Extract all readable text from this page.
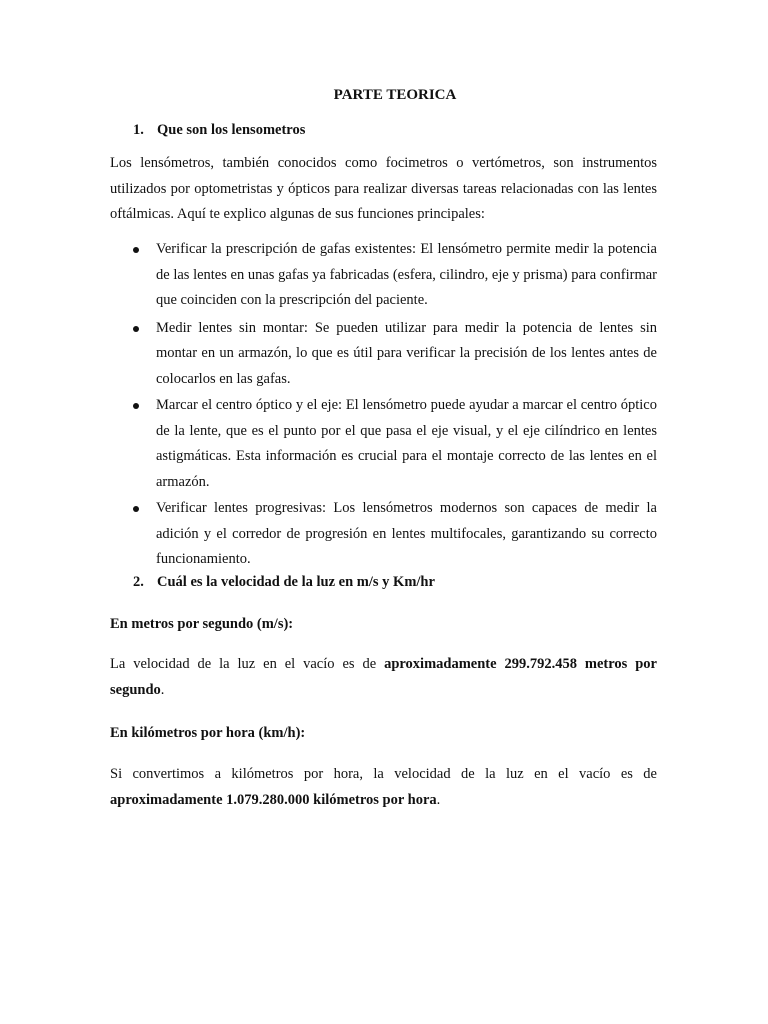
PARTE TEORICA

1. Que son los lensometros

Los lensómetros, también conocidos como focimetros o vertómetros, son instrumentos utilizados por optometristas y ópticos para realizar diversas tareas relacionadas con las lentes oftálmicas. Aquí te explico algunas de sus funciones principales:

Verificar la prescripción de gafas existentes: El lensómetro permite medir la potencia de las lentes en unas gafas ya fabricadas (esfera, cilindro, eje y prisma) para confirmar que coinciden con la prescripción del paciente.
Medir lentes sin montar: Se pueden utilizar para medir la potencia de lentes sin montar en un armazón, lo que es útil para verificar la precisión de los lentes antes de colocarlos en las gafas.
Marcar el centro óptico y el eje: El lensómetro puede ayudar a marcar el centro óptico de la lente, que es el punto por el que pasa el eje visual, y el eje cilíndrico en lentes astigmáticas. Esta información es crucial para el montaje correcto de las lentes en el armazón.
Verificar lentes progresivas: Los lensómetros modernos son capaces de medir la adición y el corredor de progresión en lentes multifocales, garantizando su correcto funcionamiento.

2. Cuál es la velocidad de la luz en m/s y Km/hr

En metros por segundo (m/s):

La velocidad de la luz en el vacío es de aproximadamente 299.792.458 metros por segundo.

En kilómetros por hora (km/h):

Si convertimos a kilómetros por hora, la velocidad de la luz en el vacío es de aproximadamente 1.079.280.000 kilómetros por hora.
